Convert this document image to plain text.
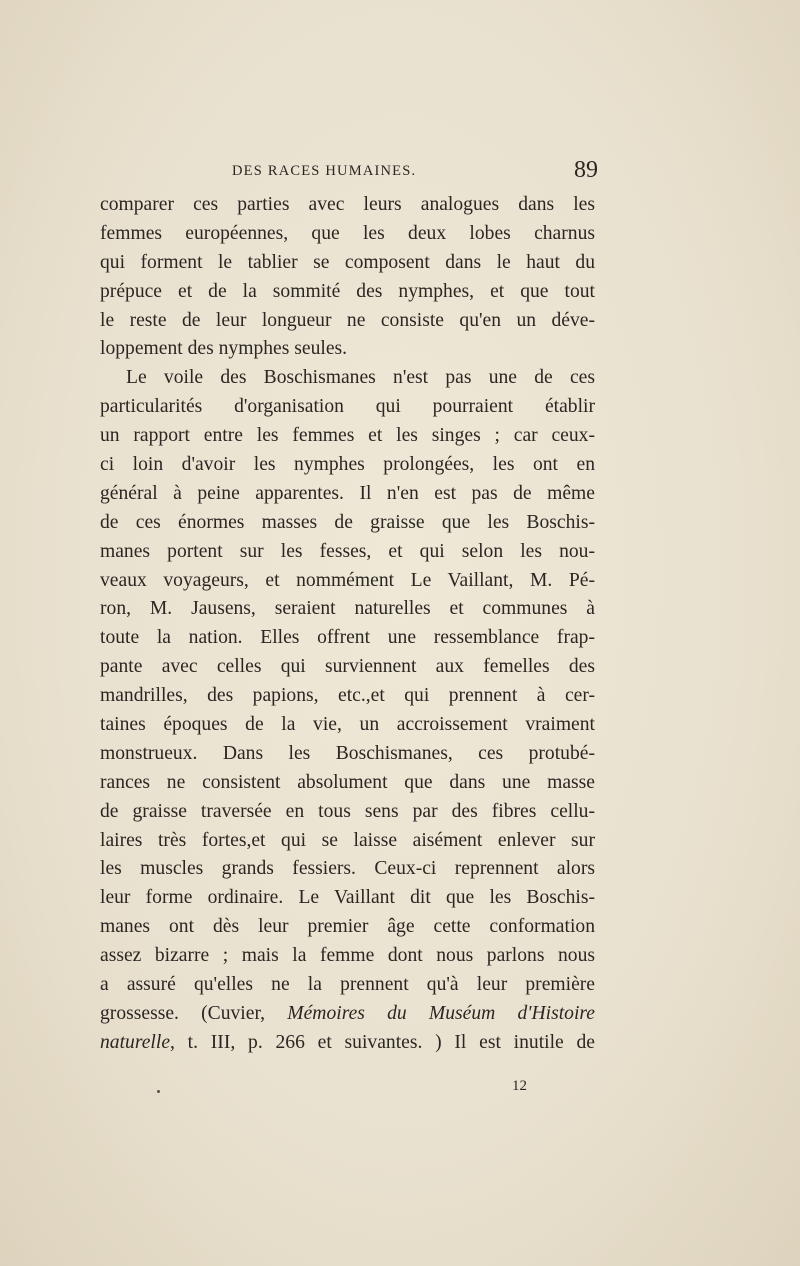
DES RACES HUMAINES.	89
comparer ces parties avec leurs analogues dans les
femmes européennes, que les deux lobes charnus
qui forment le tablier se composent dans le haut du
prépuce et de la sommité des nymphes, et que tout
le reste de leur longueur ne consiste qu'en un déve-
loppement des nymphes seules.
Le voile des Boschismanes n'est pas une de ces
particularités d'organisation qui pourraient établir
un rapport entre les femmes et les singes ; car ceux-
ci loin d'avoir les nymphes prolongées, les ont en
général à peine apparentes. Il n'en est pas de même
de ces énormes masses de graisse que les Boschis-
manes portent sur les fesses, et qui selon les nou-
veaux voyageurs, et nommément Le Vaillant, M. Pé-
ron, M. Jausens, seraient naturelles et communes à
toute la nation. Elles offrent une ressemblance frap-
pante avec celles qui surviennent aux femelles des
mandrilles, des papions, etc.,et qui prennent à cer-
taines époques de la vie, un accroissement vraiment
monstrueux. Dans les Boschismanes, ces protubé-
rances ne consistent absolument que dans une masse
de graisse traversée en tous sens par des fibres cellu-
laires très fortes,et qui se laisse aisément enlever sur
les muscles grands fessiers. Ceux-ci reprennent alors
leur forme ordinaire. Le Vaillant dit que les Boschis-
manes ont dès leur premier âge cette conformation
assez bizarre ; mais la femme dont nous parlons nous
a assuré qu'elles ne la prennent qu'à leur première
grossesse. (Cuvier, Mémoires du Muséum d'Histoire
naturelle, t. III, p. 266 et suivantes. ) Il est inutile de
12
